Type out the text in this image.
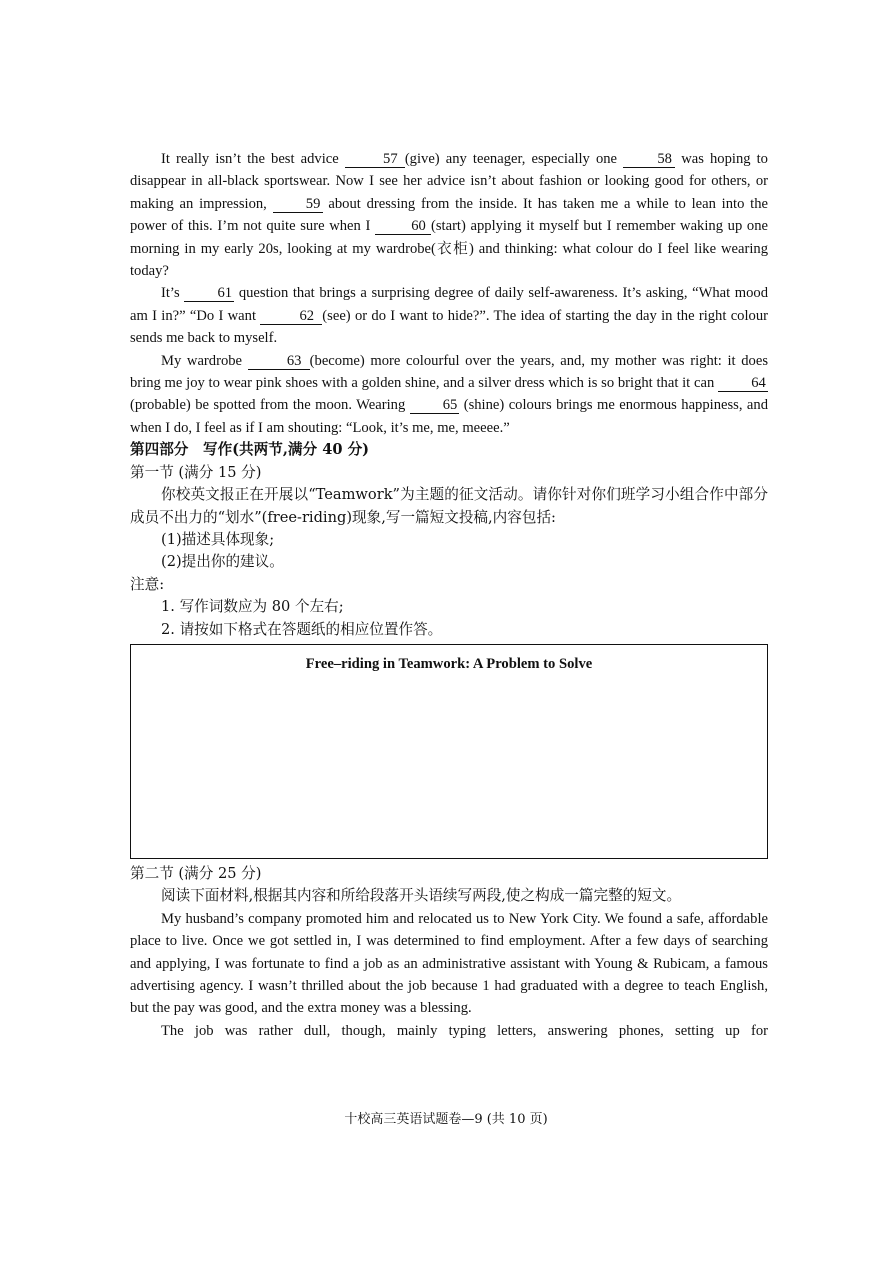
It really isn’t the best advice	57 (give) any teenager, especially one 58 was hoping to disappear in all-black sportswear. Now I see her advice isn’t about fashion or looking good for others, or making an impression, 59 about dressing from the inside. It has taken me a while to lean into the power of this. I’m not quite sure when I 60 (start) applying it myself but I remember waking up one morning in my early 20s, looking at my wardrobe(衣柜) and thinking: what colour do I feel like wearing today?

It’s 61 question that brings a surprising degree of daily self-awareness. It’s asking, “What mood am I in?” “Do I want	62 (see) or do I want to hide?”. The idea of starting the day in the right colour sends me back to myself.

My wardrobe	63 (become) more colourful over the years, and, my mother was right: it does bring me joy to wear pink shoes with a golden shine, and a silver dress which is so bright that it can 64(probable) be spotted from the moon. Wearing 65 (shine) colours brings me enormous happiness, and when I do, I feel as if I am shouting: “Look, it’s me, me, meeee.”

第四部分　写作(共两节,满分 40 分)

第一节 (满分 15 分)

你校英文报正在开展以“Teamwork”为主题的征文活动。请你针对你们班学习小组合作中部分成员不出力的“划水”(free-riding)现象,写一篇短文投稿,内容包括:

(1)描述具体现象;

(2)提出你的建议。

注意:

1. 写作词数应为 80 个左右;

2. 请按如下格式在答题纸的相应位置作答。

Free–riding in Teamwork: A Problem to Solve

第二节 (满分 25 分)

阅读下面材料,根据其内容和所给段落开头语续写两段,使之构成一篇完整的短文。

My husband’s company promoted him and relocated us to New York City. We found a safe, affordable place to live. Once we got settled in, I was determined to find employment. After a few days of searching and applying, I was fortunate to find a job as an administrative assistant with Young & Rubicam, a famous advertising agency. I wasn’t thrilled about the job because 1 had graduated with a degree to teach English, but the pay was good, and the extra money was a blessing.

The job was rather dull, though, mainly typing letters, answering phones, setting up for

十校高三英语试题卷—9 (共 10 页)
